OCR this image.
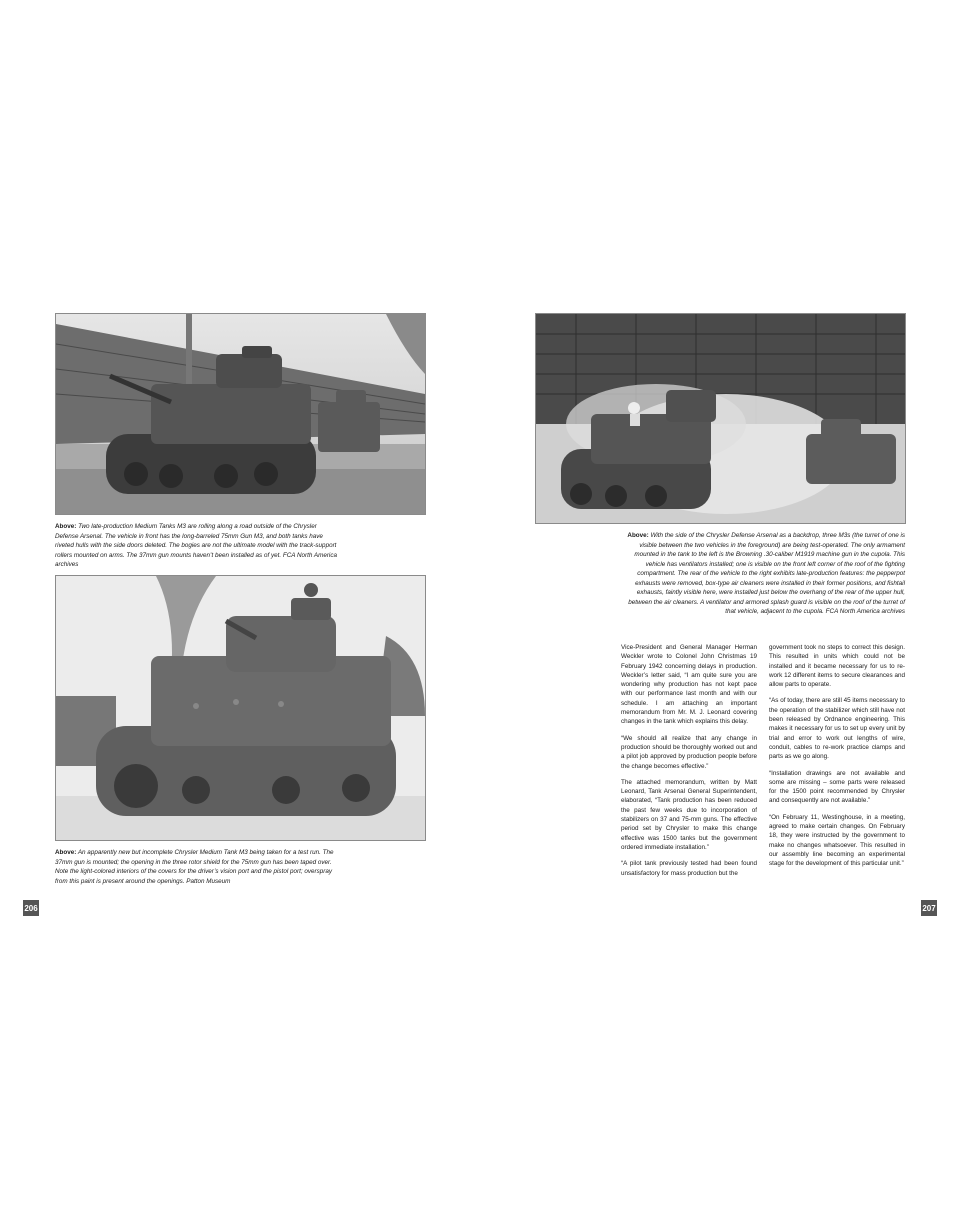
Above: Two late-production Medium Tanks M3 are rolling along a road outside of the Chrysler Defense Arsenal. The vehicle in front has the long-barreled 75mm Gun M3, and both tanks have riveted hulls with the side doors deleted. The bogies are not the ultimate model with the track-support rollers mounted on arms. The 37mm gun mounts haven’t been installed as of yet. FCA North America archives
Above: An apparently new but incomplete Chrysler Medium Tank M3 being taken for a test run. The 37mm gun is mounted; the opening in the three rotor shield for the 75mm gun has been taped over. Note the light-colored interiors of the covers for the driver’s vision port and the pistol port; overspray from this paint is present around the openings. Patton Museum
206
Above: With the side of the Chrysler Defense Arsenal as a backdrop, three M3s (the turret of one is visible between the two vehicles in the foreground) are being test-operated. The only armament mounted in the tank to the left is the Browning .30-caliber M1919 machine gun in the cupola. This vehicle has ventilators installed; one is visible on the front left corner of the roof of the fighting compartment. The rear of the vehicle to the right exhibits late-production features: the pepperpot exhausts were removed, box-type air cleaners were installed in their former positions, and fishtail exhausts, faintly visible here, were installed just below the overhang of the rear of the upper hull, between the air cleaners. A ventilator and armored splash guard is visible on the roof of the turret of that vehicle, adjacent to the cupola. FCA North America archives

Vice-President and General Manager Herman Weckler wrote to Colonel John Christmas 19 February 1942 concerning delays in production. Weckler’s letter said, “I am quite sure you are wondering why production has not kept pace with our performance last month and with our schedule. I am attaching an important memorandum from Mr. M. J. Leonard covering changes in the tank which explains this delay.

“We should all realize that any change in production should be thoroughly worked out and a pilot job approved by production people before the change becomes effective.”

The attached memorandum, written by Matt Leonard, Tank Arsenal General Superintendent, elaborated, “Tank production has been reduced the past few weeks due to incorporation of stabilizers on 37 and 75-mm guns. The effective period set by Chrysler to make this change effective was 1500 tanks but the government ordered immediate installation.”

“A pilot tank previously tested had been found unsatisfactory for mass production but the

government took no steps to correct this design. This resulted in units which could not be installed and it became necessary for us to re-work 12 different items to secure clearances and allow parts to operate.

“As of today, there are still 45 items necessary to the operation of the stabilizer which still have not been released by Ordnance engineering. This makes it necessary for us to set up every unit by trial and error to work out lengths of wire, conduit, cables to re-work practice clamps and parts as we go along.

“Installation drawings are not available and some are missing – some parts were released for the 1500 point recommended by Chrysler and consequently are not available.”

“On February 11, Westinghouse, in a meeting, agreed to make certain changes. On February 18, they were instructed by the government to make no changes whatsoever. This resulted in our assembly line becoming an experimental stage for the development of this particular unit.”

207
